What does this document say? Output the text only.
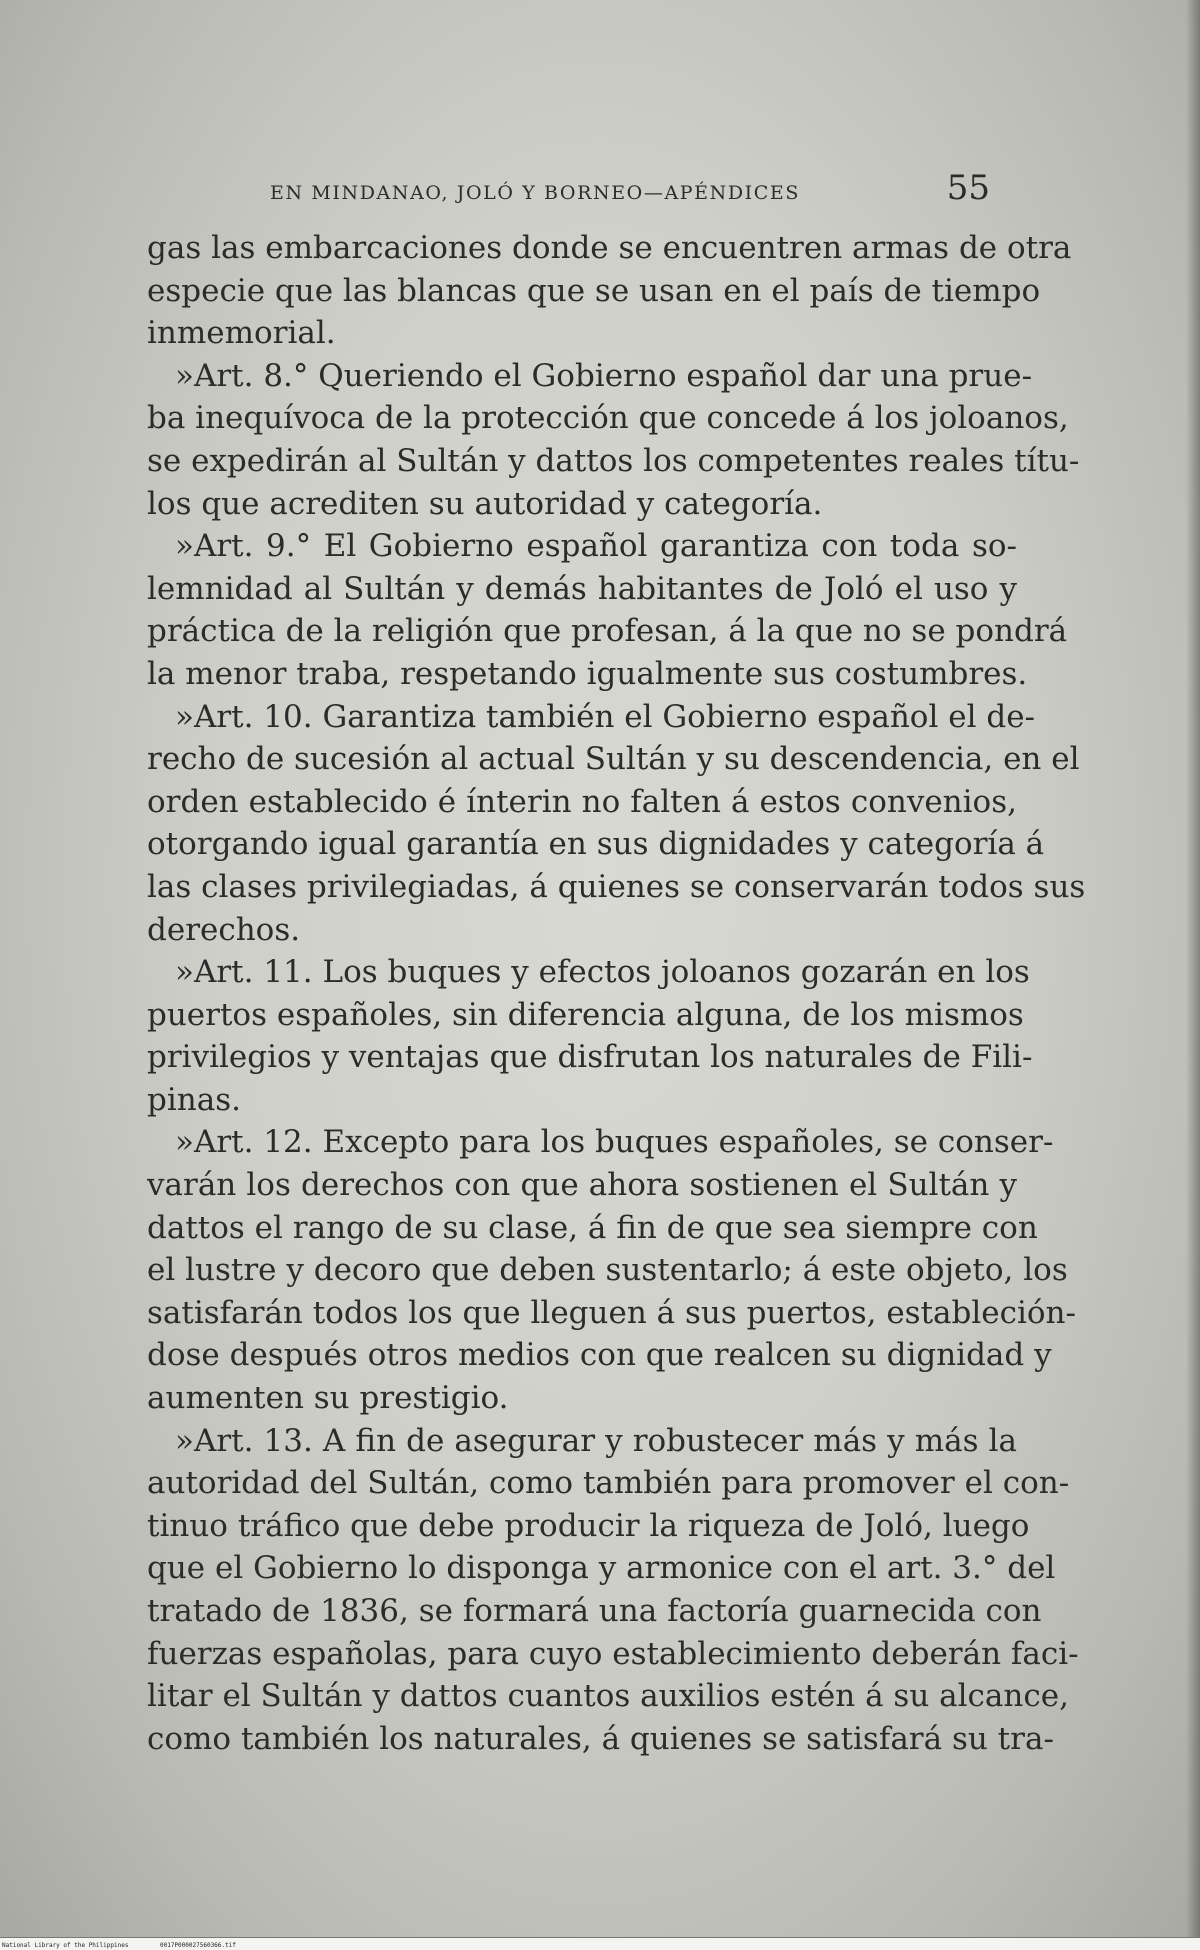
EN MINDANAO, JOLÓ Y BORNEO—APÉNDICES	55
gas las embarcaciones donde se encuentren armas de otra
especie que las blancas que se usan en el país de tiempo
inmemorial.
»Art. 8.° Queriendo el Gobierno español dar una prue-
ba inequívoca de la protección que concede á los joloanos,
se expedirán al Sultán y dattos los competentes reales títu-
los que acrediten su autoridad y categoría.
»Art. 9.° El Gobierno español garantiza con toda so-
lemnidad al Sultán y demás habitantes de Joló el uso y
práctica de la religión que profesan, á la que no se pondrá
la menor traba, respetando igualmente sus costumbres.
»Art. 10. Garantiza también el Gobierno español el de-
recho de sucesión al actual Sultán y su descendencia, en el
orden establecido é ínterin no falten á estos convenios,
otorgando igual garantía en sus dignidades y categoría á
las clases privilegiadas, á quienes se conservarán todos sus
derechos.
»Art. 11. Los buques y efectos joloanos gozarán en los
puertos españoles, sin diferencia alguna, de los mismos
privilegios y ventajas que disfrutan los naturales de Fili-
pinas.
»Art. 12. Excepto para los buques españoles, se conser-
varán los derechos con que ahora sostienen el Sultán y
dattos el rango de su clase, á fin de que sea siempre con
el lustre y decoro que deben sustentarlo; á este objeto, los
satisfarán todos los que lleguen á sus puertos, estableción-
dose después otros medios con que realcen su dignidad y
aumenten su prestigio.
»Art. 13. A fin de asegurar y robustecer más y más la
autoridad del Sultán, como también para promover el con-
tinuo tráfico que debe producir la riqueza de Joló, luego
que el Gobierno lo disponga y armonice con el art. 3.° del
tratado de 1836, se formará una factoría guarnecida con
fuerzas españolas, para cuyo establecimiento deberán faci-
litar el Sultán y dattos cuantos auxilios estén á su alcance,
como también los naturales, á quienes se satisfará su tra-
National Library of the Philippines	0017P000027560366.tif
